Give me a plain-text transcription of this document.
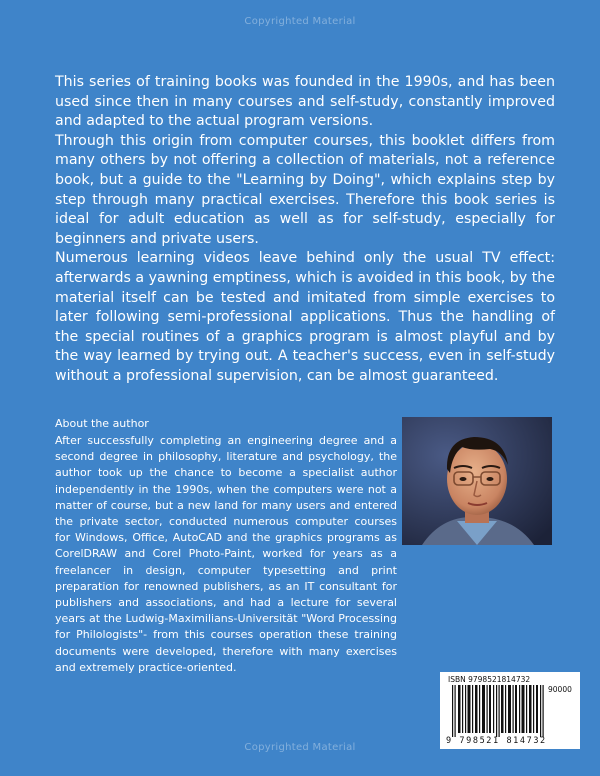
Copyrighted Material

This series of training books was founded in the 1990s, and has been used since then in many courses and self-study, constantly improved and adapted to the actual program versions.

Through this origin from computer courses, this booklet differs from many others by not offering a collection of materials, not a reference book, but a guide to the "Learning by Doing", which explains step by step through many practical exercises. Therefore this book series is ideal for adult education as well as for self-study, especially for beginners and private users.

Numerous learning videos leave behind only the usual TV effect: afterwards a yawning emptiness, which is avoided in this book, by the material itself can be tested and imitated from simple exercises to later following semi-professional applications. Thus the handling of the special routines of a graphics program is almost playful and by the way learned by trying out. A teacher's success, even in self-study without a professional supervision, can be almost guaranteed.

About the author

After successfully completing an engineering degree and a second degree in philosophy, literature and psychology, the author took up the chance to become a specialist author independently in the 1990s, when the computers were not a matter of course, but a new land for many users and entered the private sector, conducted numerous computer courses for Windows, Office, AutoCAD and the graphics programs as CorelDRAW and Corel Photo-Paint, worked for years as a freelancer in design, computer typesetting and print preparation for renowned publishers, as an IT consultant for publishers and associations, and had a lecture for several years at the Ludwig-Maximilians-Universität "Word Processing for Philologists"- from this courses operation these training documents were developed, therefore with many exercises and extremely practice-oriented.

ISBN 9798521814732
90000
9 798521 814732
Copyrighted Material
